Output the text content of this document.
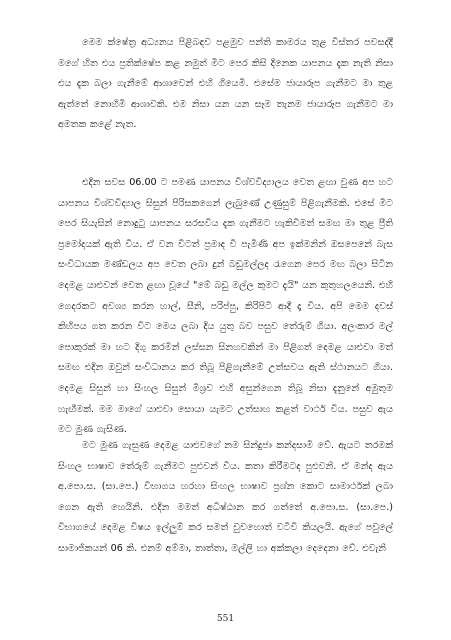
මෙම ක්ෂේත්‍ර අධ්‍යනය පිළිබඳව පළමුව පන්ති කාමරය තුළ විස්තර පවසද්දී මගේ හිත එය ප්‍රතික්ෂේප කළ නමුත් මීට පෙර කිසි දිනෙක යාපනය දැක නැති නිසා එය දැක බලා ගැනීමේ ආශාවෙන් එහි ගියෙමි. එසේම ජායාරූප ගැනීමට මා තුළ ඇත්තේ නොහිමි ආශාවකි. එම නිසා යන යන සෑම තැනම ජායාරූප ගැනීමට මා අමතක කළේ නැත.

එදින සවස 06.00 ට පමණ යාපනය විශ්වවිද්‍යාලය වෙත ළඟා වුණ අප හට යාපනය විශ්වවිද්‍යාල සිසුන් පිරිසකගෙන් ලැබුණේ උණුසුම් පිළිගැනීමකි. එසේ මීට පෙර සියැසින් නොදුටු යාපනය සරසවිය දැක ගැනීමට හැකිවීමත් සමඟ මා තුළ ප්‍රීති ප්‍රමෝදයක් ඇති විය. ඒ වන විටත් ප්‍රමාද වී පැමිණි අප ඉක්මනින් ඔසපෙනේ බැස සංවිධායක මණ්ඩලය අප වෙත ලබා දුන් බඩුමල්ලද රැගෙන පෙර මඟ බලා සිටින දෙමළ යාළුවන් වෙත ළඟා වූයේ "මේ බඩු මල්ල කුමට දැයි" යන කුතුහලයෙනි. එහි ගෙදරකට අවශ්‍ය කරන හාල්, සීනි, පරිප්පු, කිරිපිටි ආදී දෑ විය. අපි මෙම දවස් කිහිපය ගත කරන විට මෙය ලබා දිය යුතු බව පසුව තේරුම් ගියා. අලංකාර මල් පොකුරක් මා හට දිගු කරමින් ලස්සන සිනහවකින් මා පිළිගත් දෙමළ යාළුවා මත් සමඟ එදින ඔවුන් සංවිධානය කර තිබූ පිළිගැනීමේ උත්සවය ඇති ස්ථානයට ගියා. දෙමළ සිසුන් හා සිංහල සිසුන් මිශ්‍රව එහි අසුන්ගෙන තිබූ නිසා දැනුනේ අමුතුම හැඟීමක්. මම මාගේ යාළුවා සොයා යැමට උත්සාහ කළත් වාර්ථ විය. පසුව ඇය මට මුණ ගැසිණ.

මට මුණ ගැසුණ දෙමළ යාළුවගේ නම සින්දුජා කන්දසාමි වේ. ඇයට තරමක් සිංහල භාෂාව තේරුම් ගැනීමට පුළුවන් විය. කතා කිරීමටද පුළුවනි. ඒ මන්ද ඇය අ.පො.ස. (සා.පෙ.) විභාගය හරහා සිංහල භාෂාව ප්‍රශ්න කොට සාමාර්ථක් ලබා ගෙන ඇති හෙයිනි. එදින මමත් අධිෂ්ඨාන කර ගත්තේ අ.පො.ස. (සා.පෙ.) විභාගයේ දෙමළ විෂය ඉල්ලුම් කර සමත් වුවහොත් වටිවි කියලයි. ඇගේ පවුලේ සාමාජිකයන් 06 කි. එනම් අම්මා, තාත්තා, මල්ලි හා අක්කලා දෙදෙනා වේ. එවැනි

551
